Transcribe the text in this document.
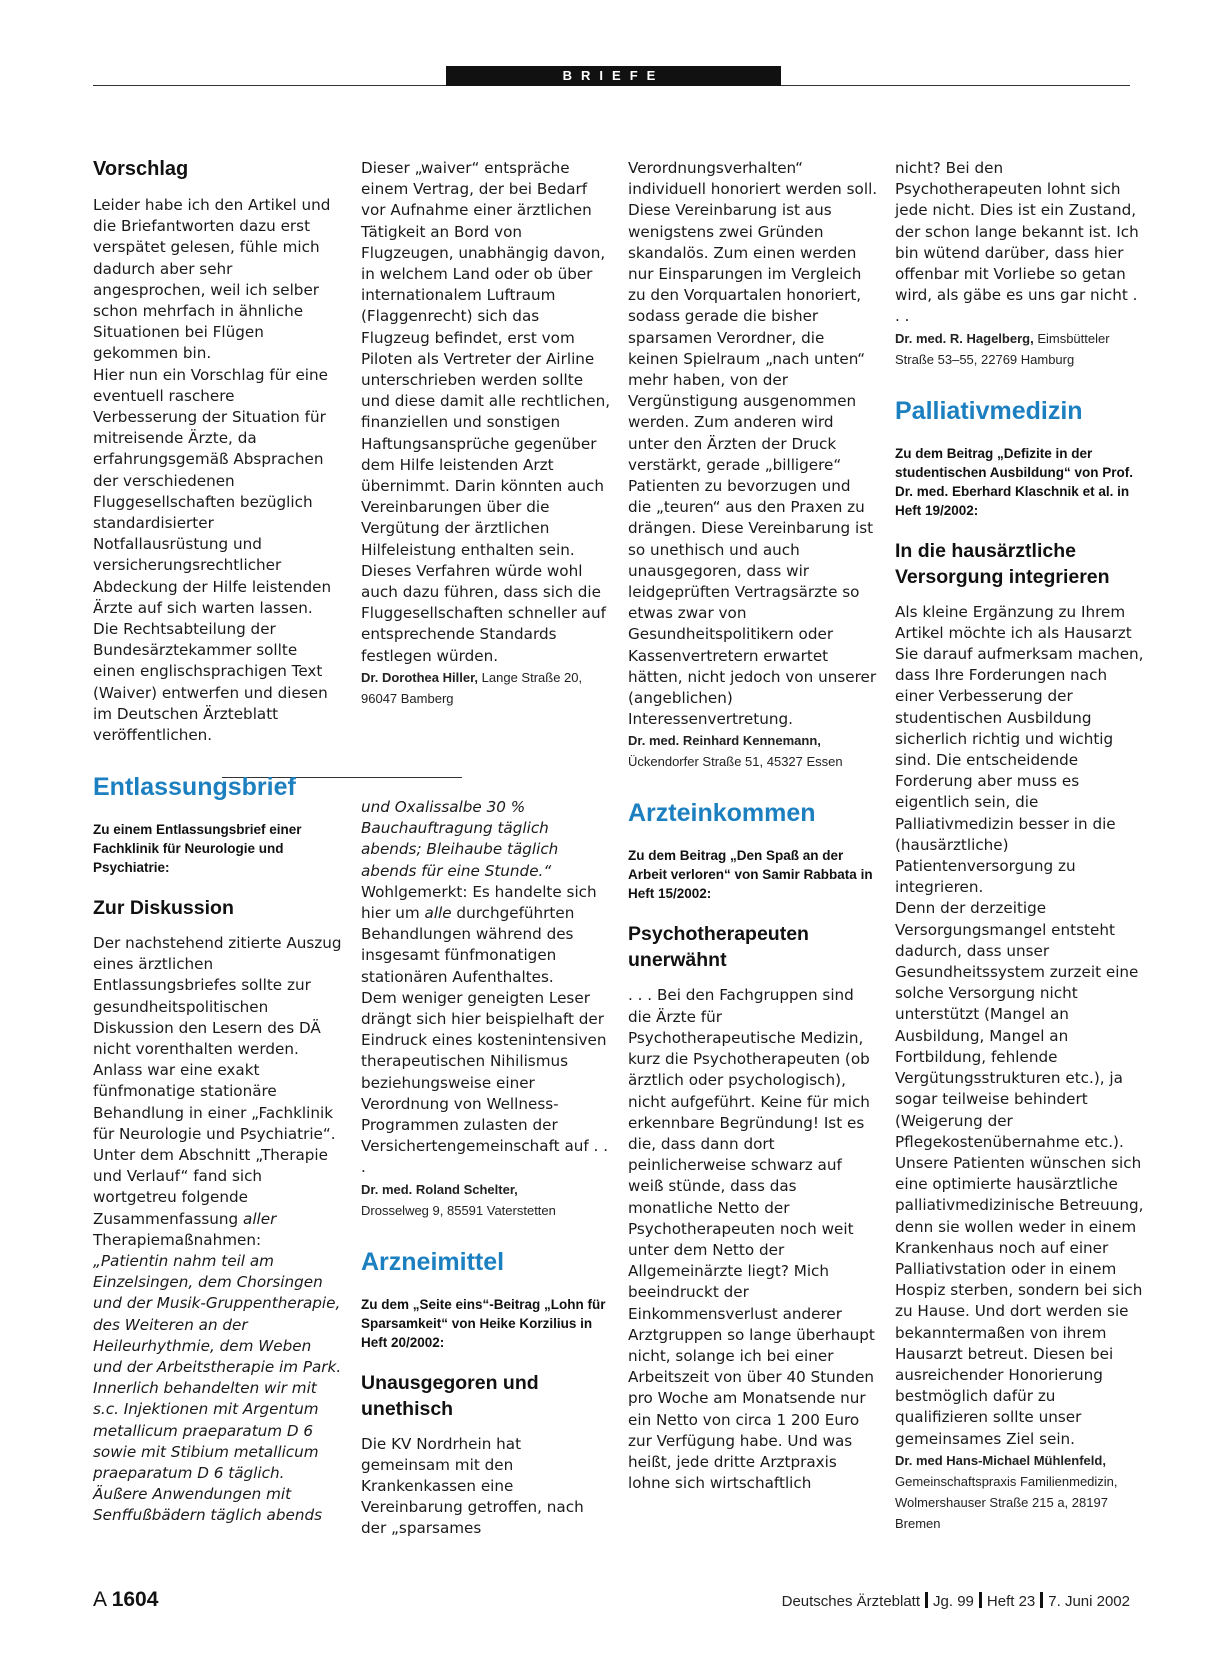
BRIEFE
Vorschlag

Leider habe ich den Artikel und die Briefantworten dazu erst verspätet gelesen, fühle mich dadurch aber sehr angesprochen, weil ich selber schon mehrfach in ähnliche Situationen bei Flügen gekommen bin.

Hier nun ein Vorschlag für eine eventuell raschere Verbesserung der Situation für mitreisende Ärzte, da erfahrungsgemäß Absprachen der verschiedenen Fluggesellschaften bezüglich standardisierter Notfallausrüstung und versicherungsrechtlicher Abdeckung der Hilfe leistenden Ärzte auf sich warten lassen.

Die Rechtsabteilung der Bundesärztekammer sollte einen englischsprachigen Text (Waiver) entwerfen und diesen im Deutschen Ärzteblatt veröffentlichen.

Entlassungsbrief
Zu einem Entlassungsbrief einer Fachklinik für Neurologie und Psychiatrie:
Zur Diskussion

Der nachstehend zitierte Auszug eines ärztlichen Entlassungsbriefes sollte zur gesundheitspolitischen Diskussion den Lesern des DÄ nicht vorenthalten werden.

Anlass war eine exakt fünfmonatige stationäre Behandlung in einer „Fachklinik für Neurologie und Psychiatrie“. Unter dem Abschnitt „Therapie und Verlauf“ fand sich wortgetreu folgende Zusammenfassung aller Therapiemaßnahmen:

„Patientin nahm teil am Einzelsingen, dem Chorsingen und der Musik-Gruppentherapie, des Weiteren an der Heileurhythmie, dem Weben und der Arbeitstherapie im Park. Innerlich behandelten wir mit s.c. Injektionen mit Argentum metallicum praeparatum D 6 sowie mit Stibium metallicum praeparatum D 6 täglich. Äußere Anwendungen mit Senffußbädern täglich abends

Dieser „waiver“ entspräche einem Vertrag, der bei Bedarf vor Aufnahme einer ärztlichen Tätigkeit an Bord von Flugzeugen, unabhängig davon, in welchem Land oder ob über internationalem Luftraum (Flaggenrecht) sich das Flugzeug befindet, erst vom Piloten als Vertreter der Airline unterschrieben werden sollte und diese damit alle rechtlichen, finanziellen und sonstigen Haftungsansprüche gegenüber dem Hilfe leistenden Arzt übernimmt. Darin könnten auch Vereinbarungen über die Vergütung der ärztlichen Hilfeleistung enthalten sein.

Dieses Verfahren würde wohl auch dazu führen, dass sich die Fluggesellschaften schneller auf entsprechende Standards festlegen würden.

Dr. Dorothea Hiller, Lange Straße 20, 96047 Bamberg

und Oxalissalbe 30 % Bauchauftragung täglich abends; Bleihaube täglich abends für eine Stunde.“

Wohlgemerkt: Es handelte sich hier um alle durchgeführten Behandlungen während des insgesamt fünfmonatigen stationären Aufenthaltes.

Dem weniger geneigten Leser drängt sich hier beispielhaft der Eindruck eines kostenintensiven therapeutischen Nihilismus beziehungsweise einer Verordnung von Wellness-Programmen zulasten der Versichertengemeinschaft auf . . .

Dr. med. Roland Schelter,
Drosselweg 9, 85591 Vaterstetten
Arzneimittel
Zu dem „Seite eins“-Beitrag „Lohn für Sparsamkeit“ von Heike Korzilius in Heft 20/2002:
Unausgegoren und unethisch

Die KV Nordrhein hat gemeinsam mit den Krankenkassen eine Vereinbarung getroffen, nach der „sparsames

Verordnungsverhalten“ individuell honoriert werden soll. Diese Vereinbarung ist aus wenigstens zwei Gründen skandalös. Zum einen werden nur Einsparungen im Vergleich zu den Vorquartalen honoriert, sodass gerade die bisher sparsamen Verordner, die keinen Spielraum „nach unten“ mehr haben, von der Vergünstigung ausgenommen werden. Zum anderen wird unter den Ärzten der Druck verstärkt, gerade „billigere“ Patienten zu bevorzugen und die „teuren“ aus den Praxen zu drängen. Diese Vereinbarung ist so unethisch und auch unausgegoren, dass wir leidgeprüften Vertragsärzte so etwas zwar von Gesundheitspolitikern oder Kassenvertretern erwartet hätten, nicht jedoch von unserer (angeblichen) Interessenvertretung.

Dr. med. Reinhard Kennemann,
Ückendorfer Straße 51, 45327 Essen
Arzteinkommen
Zu dem Beitrag „Den Spaß an der Arbeit verloren“ von Samir Rabbata in Heft 15/2002:
Psychotherapeuten unerwähnt

. . . Bei den Fachgruppen sind die Ärzte für Psychotherapeutische Medizin, kurz die Psychotherapeuten (ob ärztlich oder psychologisch), nicht aufgeführt. Keine für mich erkennbare Begründung! Ist es die, dass dann dort peinlicherweise schwarz auf weiß stünde, dass das monatliche Netto der Psychotherapeuten noch weit unter dem Netto der Allgemeinärzte liegt? Mich beeindruckt der Einkommensverlust anderer Arztgruppen so lange überhaupt nicht, solange ich bei einer Arbeitszeit von über 40 Stunden pro Woche am Monatsende nur ein Netto von circa 1 200 Euro zur Verfügung habe. Und was heißt, jede dritte Arztpraxis lohne sich wirtschaftlich

nicht? Bei den Psychotherapeuten lohnt sich jede nicht. Dies ist ein Zustand, der schon lange bekannt ist. Ich bin wütend darüber, dass hier offenbar mit Vorliebe so getan wird, als gäbe es uns gar nicht . . .

Dr. med. R. Hagelberg, Eimsbütteler Straße 53–55, 22769 Hamburg
Palliativmedizin
Zu dem Beitrag „Defizite in der studentischen Ausbildung“ von Prof. Dr. med. Eberhard Klaschnik et al. in Heft 19/2002:
In die hausärztliche Versorgung integrieren

Als kleine Ergänzung zu Ihrem Artikel möchte ich als Hausarzt Sie darauf aufmerksam machen, dass Ihre Forderungen nach einer Verbesserung der studentischen Ausbildung sicherlich richtig und wichtig sind. Die entscheidende Forderung aber muss es eigentlich sein, die Palliativmedizin besser in die (hausärztliche) Patientenversorgung zu integrieren.

Denn der derzeitige Versorgungsmangel entsteht dadurch, dass unser Gesundheitssystem zurzeit eine solche Versorgung nicht unterstützt (Mangel an Ausbildung, Mangel an Fortbildung, fehlende Vergütungsstrukturen etc.), ja sogar teilweise behindert (Weigerung der Pflegekostenübernahme etc.). Unsere Patienten wünschen sich eine optimierte hausärztliche palliativmedizinische Betreuung, denn sie wollen weder in einem Krankenhaus noch auf einer Palliativstation oder in einem Hospiz sterben, sondern bei sich zu Hause. Und dort werden sie bekanntermaßen von ihrem Hausarzt betreut. Diesen bei ausreichender Honorierung bestmöglich dafür zu qualifizieren sollte unser gemeinsames Ziel sein.

Dr. med Hans-Michael Mühlenfeld,
Gemeinschaftspraxis Familienmedizin, Wolmershauser Straße 215 a, 28197 Bremen
A 1604	Deutsches Ärzteblatt Jg. 99 Heft 23 7. Juni 2002
